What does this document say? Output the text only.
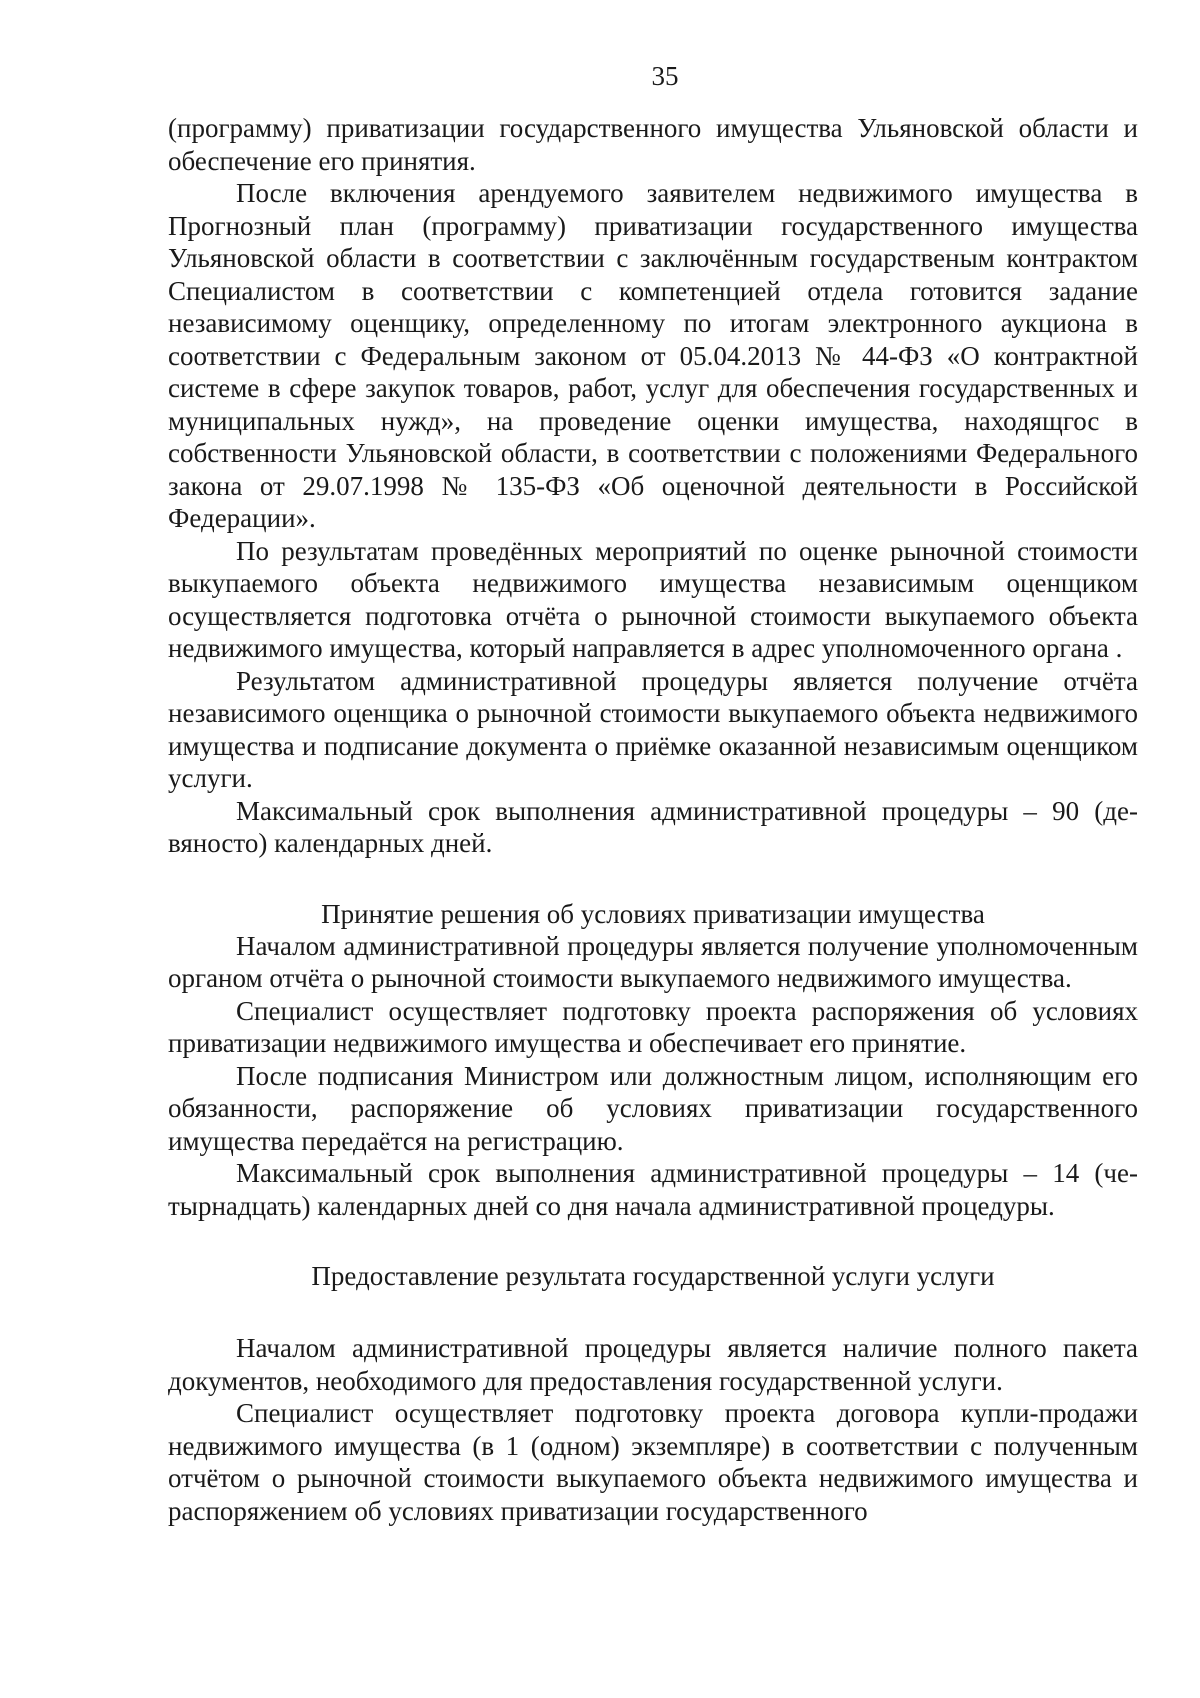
35

(программу) приватизации государственного имущества Ульяновской области и обеспечение его принятия.

После включения арендуемого заявителем недвижимого имущества в Прогнозный план (программу) приватизации государственного имущества Ульяновской области в соответствии с заключённым государственым контрактом Специалистом в соответствии с компетенцией отдела готовится задание независимому оценщику, определенному по итогам электронного аукциона в соответствии с Федеральным законом от 05.04.2013 № 44-ФЗ «О контрактной системе в сфере закупок товаров, работ, услуг для обеспечения государственных и муниципальных нужд», на проведение оценки имущества, находящгос в собственности Ульяновской области, в соответствии с положениями Федерального закона от 29.07.1998 № 135-ФЗ «Об оценочной деятельности в Российской Федерации».

По результатам проведённых мероприятий по оценке рыночной стоимости выкупаемого объекта недвижимого имущества независимым оценщиком осуществляется подготовка отчёта о рыночной стоимости выкупаемого объекта недвижимого имущества, который направляется в адрес уполномоченного органа .

Результатом административной процедуры является получение отчёта независимого оценщика о рыночной стоимости выкупаемого объекта недвижимого имущества и подписание документа о приёмке оказанной независимым оценщиком услуги.

Максимальный срок выполнения административной процедуры – 90 (девяносто) календарных дней.

Принятие решения об условиях приватизации имущества

Началом административной процедуры является получение уполномоченным органом отчёта о рыночной стоимости выкупаемого недвижимого имущества.

Специалист осуществляет подготовку проекта распоряжения об условиях приватизации недвижимого имущества и обеспечивает его принятие.

После подписания Министром или должностным лицом, исполняющим его обязанности, распоряжение об условиях приватизации государственного имущества передаётся на регистрацию.

Максимальный срок выполнения административной процедуры – 14 (четырнадцать) календарных дней со дня начала административной процедуры.

Предоставление результата государственной услуги услуги

Началом административной процедуры является наличие полного пакета документов, необходимого для предоставления государственной услуги.

Специалист осуществляет подготовку проекта договора купли-продажи недвижимого имущества (в 1 (одном) экземпляре) в соответствии с полученным отчётом о рыночной стоимости выкупаемого объекта недвижимого имущества и распоряжением об условиях приватизации государственного
